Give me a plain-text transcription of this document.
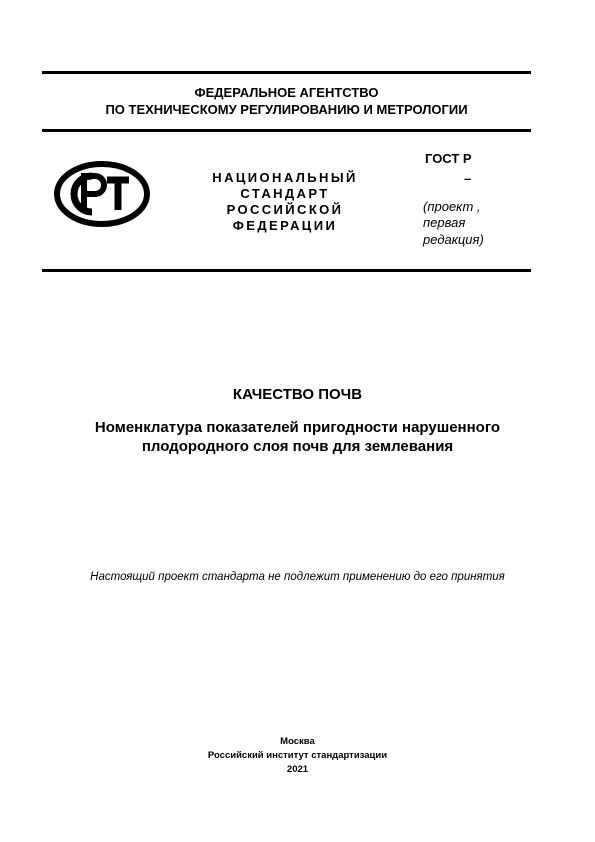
ФЕДЕРАЛЬНОЕ АГЕНТСТВО
ПО ТЕХНИЧЕСКОМУ РЕГУЛИРОВАНИЮ И МЕТРОЛОГИИ
НАЦИОНАЛЬНЫЙ
СТАНДАРТ
РОССИЙСКОЙ
ФЕДЕРАЦИИ
ГОСТ Р
–
(проект ,
первая
редакция)
КАЧЕСТВО ПОЧВ
Номенклатура показателей пригодности нарушенного
плодородного слоя почв для землевания
Настоящий проект стандарта не подлежит применению до его принятия
Москва
Российский институт стандартизации
2021
